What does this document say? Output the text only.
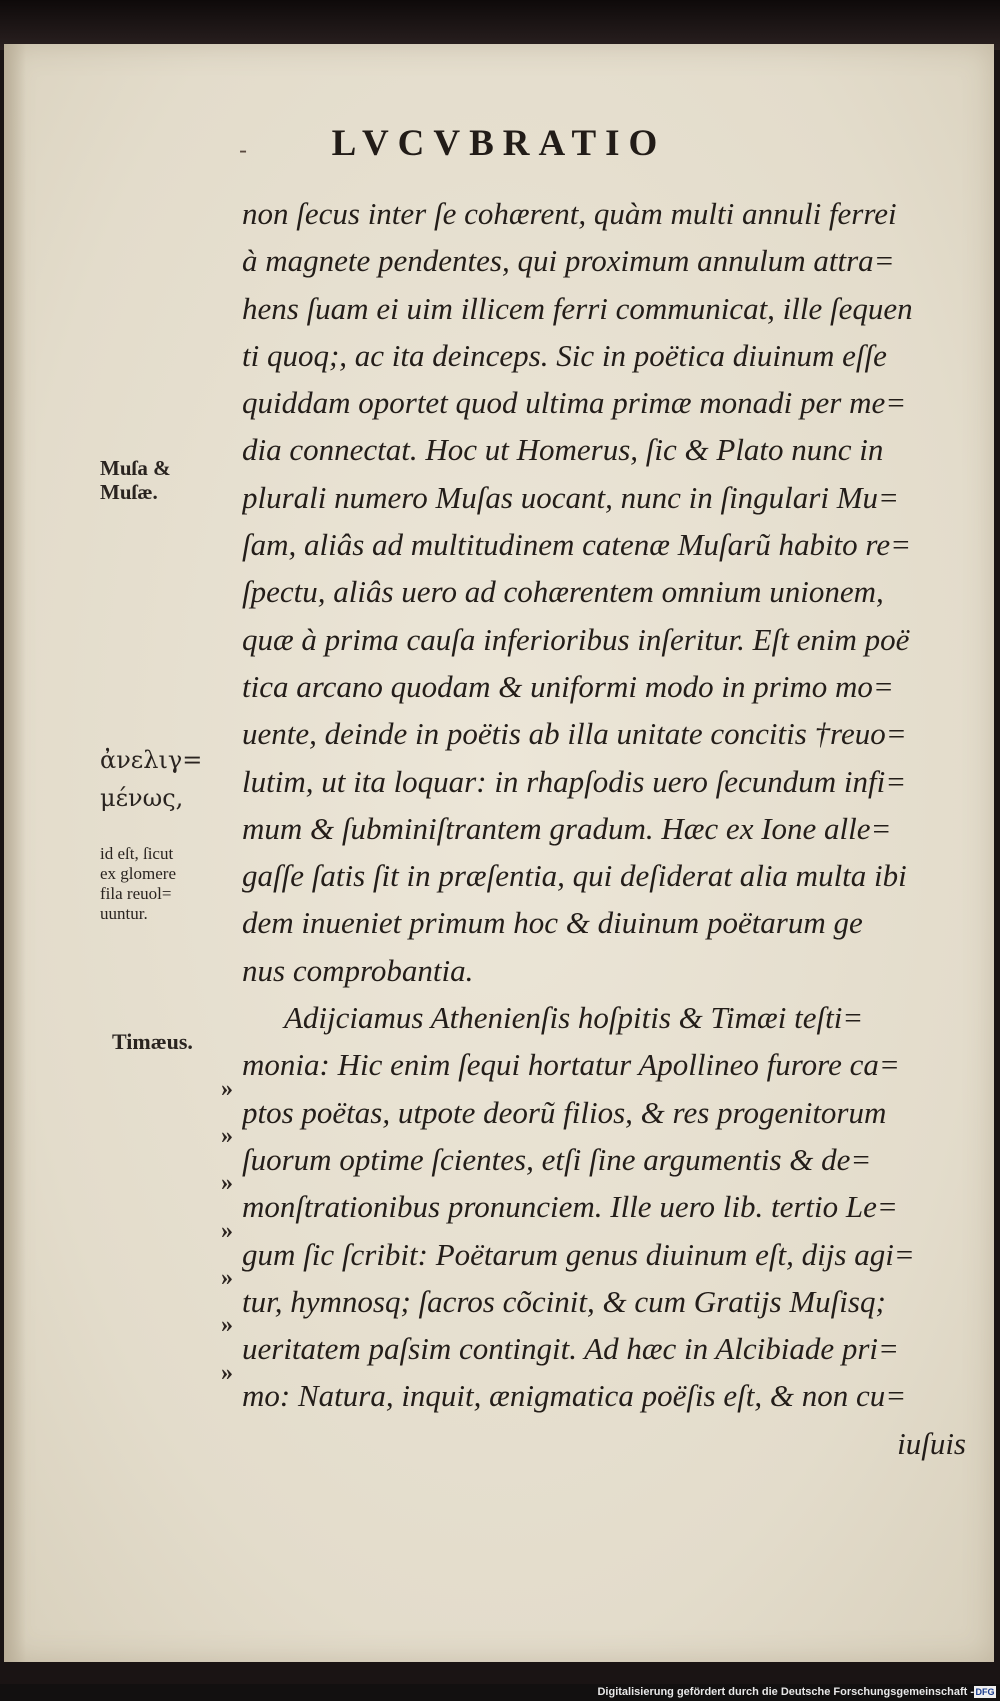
-	LVCVBRATIO
Muſa &
Muſæ.
ἀνελιγ=
μένως,
id eſt, ſicut
ex glomere
fila reuol=
uuntur.
Timæus.
»
»
»
»
»
»
»
non ſecus inter ſe cohærent, quàm multi annuli ferrei
à magnete pendentes, qui proximum annulum attra=
hens ſuam ei uim illicem ferri communicat, ille ſequen
ti quoq;, ac ita deinceps. Sic in poëtica diuinum eſſe
quiddam oportet quod ultima primæ monadi per me=
dia connectat. Hoc ut Homerus, ſic & Plato nunc in
plurali numero Muſas uocant, nunc in ſingulari Mu=
ſam, aliâs ad multitudinem catenæ Muſarũ habito re=
ſpectu, aliâs uero ad cohærentem omnium unionem,
quæ à prima cauſa inferioribus inſeritur. Eſt enim poë
tica arcano quodam & uniformi modo in primo mo=
uente, deinde in poëtis ab illa unitate concitis †reuo=
lutim, ut ita loquar: in rhapſodis uero ſecundum infi=
mum & ſubminiſtrantem gradum. Hæc ex Ione alle=
gaſſe ſatis ſit in præſentia, qui deſiderat alia multa ibi
dem inueniet primum hoc & diuinum poëtarum ge
nus comprobantia.
Adijciamus Athenienſis hoſpitis & Timæi teſti=
monia: Hic enim ſequi hortatur Apollineo furore ca=
ptos poëtas, utpote deorũ filios, & res progenitorum
ſuorum optime ſcientes, etſi ſine argumentis & de=
monſtrationibus pronunciem. Ille uero lib. tertio Le=
gum ſic ſcribit: Poëtarum genus diuinum eſt, dijs agi=
tur, hymnosq; ſacros cõcinit, & cum Gratijs Muſisq;
ueritatem paſsim contingit. Ad hæc in Alcibiade pri=
mo: Natura, inquit, ænigmatica poëſis eſt, & non cu=
iuſuis
Digitalisierung gefördert durch die Deutsche Forschungsgemeinschaft - DFG
